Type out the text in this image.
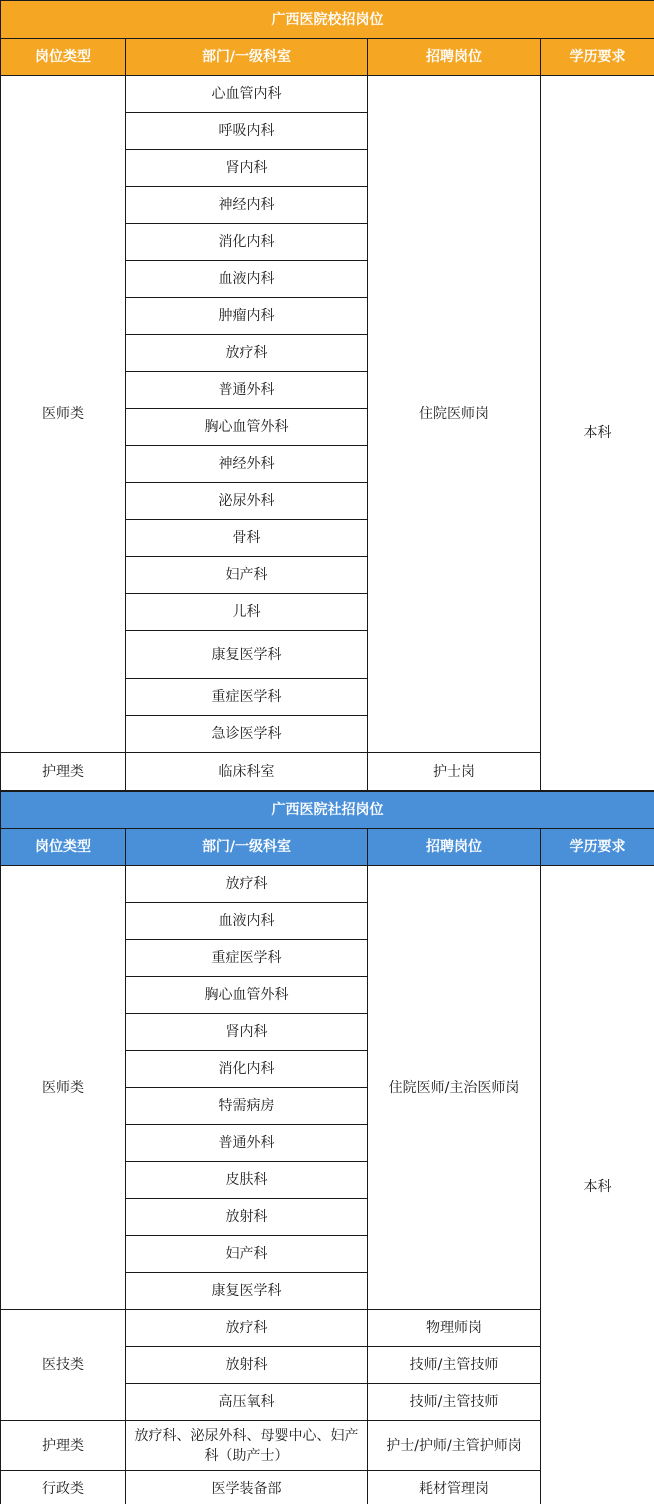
广西医院校招岗位			
岗位类型	部门/一级科室	招聘岗位	学历要求
医师类	心血管内科	住院医师岗	本科
	呼吸内科		
	肾内科		
	神经内科		
	消化内科		
	血液内科		
	肿瘤内科		
	放疗科		
	普通外科		
	胸心血管外科		
	神经外科		
	泌尿外科		
	骨科		
	妇产科		
	儿科		
	康复医学科		
	重症医学科		
	急诊医学科		
护理类	临床科室	护士岗	
广西医院社招岗位			
岗位类型	部门/一级科室	招聘岗位	学历要求
医师类	放疗科	住院医师/主治医师岗	本科
	血液内科		
	重症医学科		
	胸心血管外科		
	肾内科		
	消化内科		
	特需病房		
	普通外科		
	皮肤科		
	放射科		
	妇产科		
	康复医学科		
医技类	放疗科	物理师岗	
	放射科	技师/主管技师	
	高压氧科	技师/主管技师	
护理类	放疗科、泌尿外科、母婴中心、妇产科（助产士）	护士/护师/主管护师岗	
行政类	医学装备部	耗材管理岗	
